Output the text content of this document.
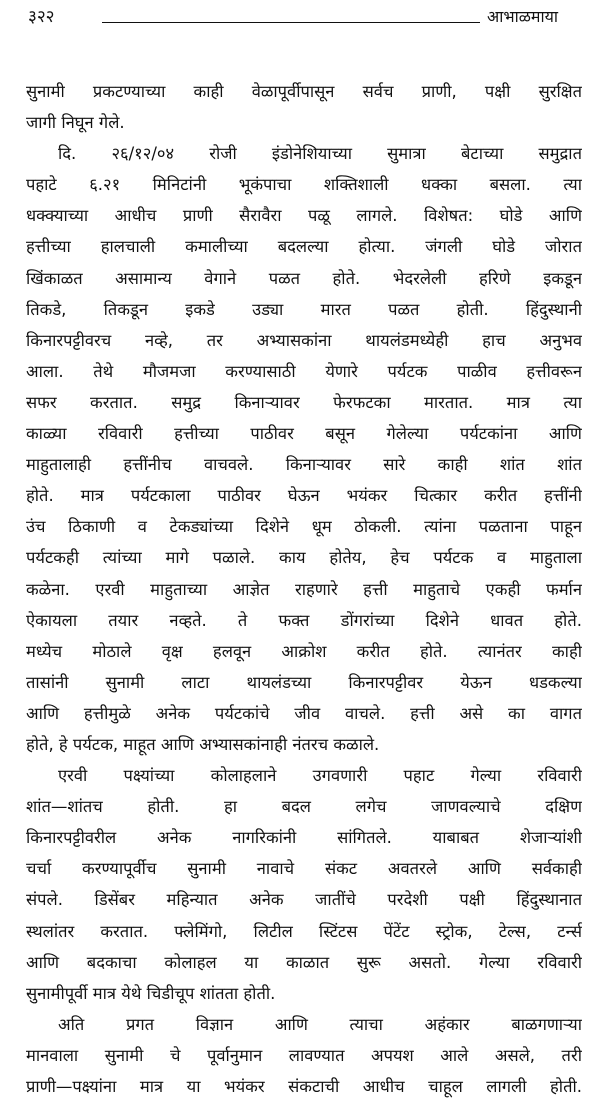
३२२	आभाळमाया
सुनामी प्रकटण्याच्या काही वेळापूर्वीपासून सर्वच प्राणी, पक्षी सुरक्षित
जागी निघून गेले.
दि. २६/१२/०४ रोजी इंडोनेशियाच्या सुमात्रा बेटाच्या समुद्रात
पहाटे ६.२१ मिनिटांनी भूकंपाचा शक्तिशाली धक्का बसला. त्या
धक्क्याच्या आधीच प्राणी सैरावैरा पळू लागले. विशेषत: घोडे आणि
हत्तीच्या हालचाली कमालीच्या बदलल्या होत्या. जंगली घोडे जोरात
खिंकाळत असामान्य वेगाने पळत होते. भेदरलेली हरिणे इकडून
तिकडे, तिकडून इकडे उड्या मारत पळत होती. हिंदुस्थानी
किनारपट्टीवरच नव्हे, तर अभ्यासकांना थायलंडमध्येही हाच अनुभव
आला. तेथे मौजमजा करण्यासाठी येणारे पर्यटक पाळीव हत्तीवरून
सफर करतात. समुद्र किनाऱ्यावर फेरफटका मारतात. मात्र त्या
काळ्या रविवारी हत्तीच्या पाठीवर बसून गेलेल्या पर्यटकांना आणि
माहुतालाही हत्तींनीच वाचवले. किनाऱ्यावर सारे काही शांत शांत
होते. मात्र पर्यटकाला पाठीवर घेऊन भयंकर चित्कार करीत हत्तींनी
उंच ठिकाणी व टेकड्यांच्या दिशेने धूम ठोकली. त्यांना पळताना पाहून
पर्यटकही त्यांच्या मागे पळाले. काय होतेय, हेच पर्यटक व माहुताला
कळेना. एरवी माहुताच्या आज्ञेत राहणारे हत्ती माहुताचे एकही फर्मान
ऐकायला तयार नव्हते. ते फक्त डोंगरांच्या दिशेने धावत होते.
मध्येच मोठाले वृक्ष हलवून आक्रोश करीत होते. त्यानंतर काही
तासांनी सुनामी लाटा थायलंडच्या किनारपट्टीवर येऊन धडकल्या
आणि हत्तीमुळे अनेक पर्यटकांचे जीव वाचले. हत्ती असे का वागत
होते, हे पर्यटक, माहूत आणि अभ्यासकांनाही नंतरच कळाले.
एरवी पक्ष्यांच्या कोलाहलाने उगवणारी पहाट गेल्या रविवारी
शांत—शांतच होती. हा बदल लगेच जाणवल्याचे दक्षिण
किनारपट्टीवरील अनेक नागरिकांनी सांगितले. याबाबत शेजाऱ्यांशी
चर्चा करण्यापूर्वीच सुनामी नावाचे संकट अवतरले आणि सर्वकाही
संपले. डिसेंबर महिन्यात अनेक जातींचे परदेशी पक्षी हिंदुस्थानात
स्थलांतर करतात. फ्लेमिंगो, लिटील स्टिंटस पेंटेंट स्ट्रोक, टेल्स, टर्न्स
आणि बदकाचा कोलाहल या काळात सुरू असतो. गेल्या रविवारी
सुनामीपूर्वी मात्र येथे चिडीचूप शांतता होती.
अति प्रगत विज्ञान आणि त्याचा अहंकार बाळगणाऱ्या
मानवाला सुनामी चे पूर्वानुमान लावण्यात अपयश आले असले, तरी
प्राणी—पक्ष्यांना मात्र या भयंकर संकटाची आधीच चाहूल लागली होती.
